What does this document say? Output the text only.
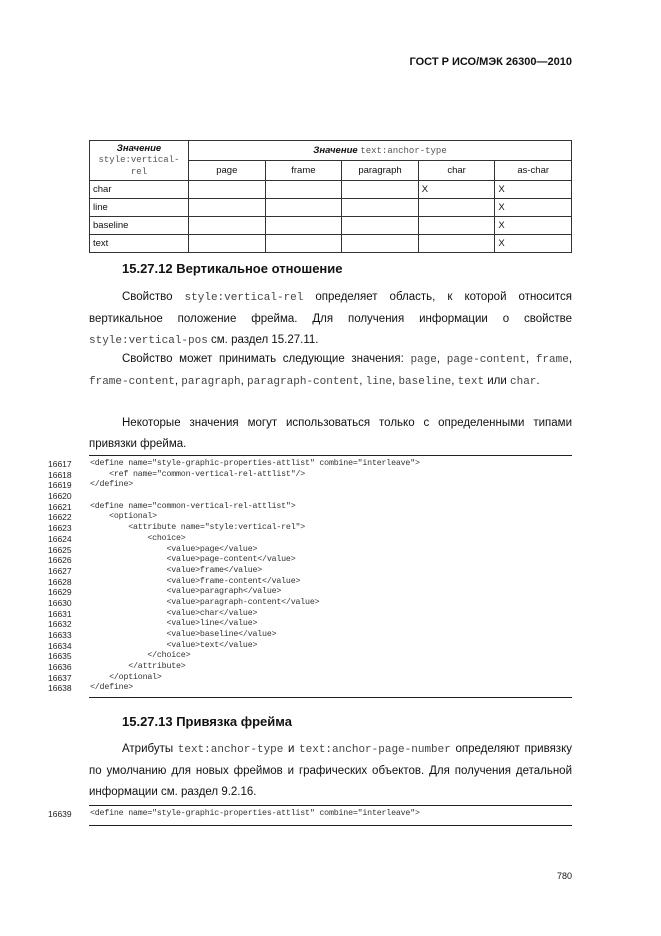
ГОСТ Р ИСО/МЭК 26300—2010
Значение
style:vertical-rel	Значение text:anchor-type				
	page	frame	paragraph	char	as-char
char				X	X
line					X
baseline					X
text					X
15.27.12 Вертикальное отношение

Свойство style:vertical-rel определяет область, к которой относится вертикальное положение фрейма. Для получения информации о свойстве style:vertical-pos см. раздел 15.27.11.

Свойство может принимать следующие значения: page, page-content, frame, frame-content, paragraph, paragraph-content, line, baseline, text или char.

Некоторые значения могут использоваться только с определенными типами привязки фрейма.

16617	<define name="style-graphic-properties-attlist" combine="interleave">
16618	<ref name="common-vertical-rel-attlist"/>
16619	</define>
16620
16621	<define name="common-vertical-rel-attlist">
16622	<optional>
16623	<attribute name="style:vertical-rel">
16624	<choice>
16625	<value>page</value>
16626	<value>page-content</value>
16627	<value>frame</value>
16628	<value>frame-content</value>
16629	<value>paragraph</value>
16630	<value>paragraph-content</value>
16631	<value>char</value>
16632	<value>line</value>
16633	<value>baseline</value>
16634	<value>text</value>
16635	</choice>
16636	</attribute>
16637	</optional>
16638	</define>
15.27.13 Привязка фрейма

Атрибуты text:anchor-type и text:anchor-page-number определяют привязку по умолчанию для новых фреймов и графических объектов. Для получения детальной информации см. раздел 9.2.16.

16639	<define name="style-graphic-properties-attlist" combine="interleave">
780
